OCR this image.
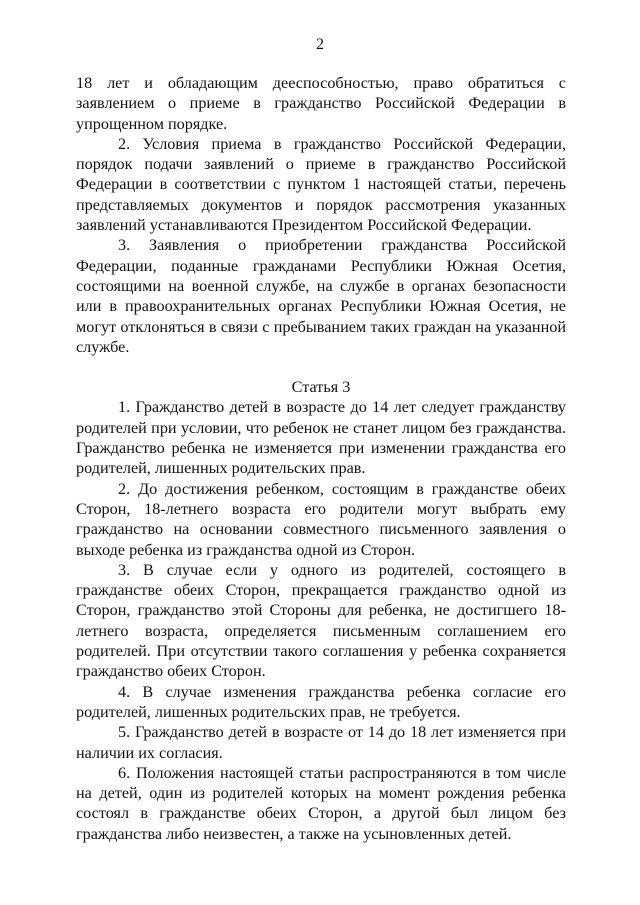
2

18 лет и обладающим дееспособностью, право обратиться с заявлением о приеме в гражданство Российской Федерации в упрощенном порядке.

2. Условия приема в гражданство Российской Федерации, порядок подачи заявлений о приеме в гражданство Российской Федерации в соответствии с пунктом 1 настоящей статьи, перечень представляемых документов и порядок рассмотрения указанных заявлений устанавливаются Президентом Российской Федерации.

3. Заявления о приобретении гражданства Российской Федерации, поданные гражданами Республики Южная Осетия, состоящими на военной службе, на службе в органах безопасности или в правоохранительных органах Республики Южная Осетия, не могут отклоняться в связи с пребыванием таких граждан на указанной службе.

Статья 3

1. Гражданство детей в возрасте до 14 лет следует гражданству родителей при условии, что ребенок не станет лицом без гражданства. Гражданство ребенка не изменяется при изменении гражданства его родителей, лишенных родительских прав.

2. До достижения ребенком, состоящим в гражданстве обеих Сторон, 18-летнего возраста его родители могут выбрать ему гражданство на основании совместного письменного заявления о выходе ребенка из гражданства одной из Сторон.

3. В случае если у одного из родителей, состоящего в гражданстве обеих Сторон, прекращается гражданство одной из Сторон, гражданство этой Стороны для ребенка, не достигшего 18-летнего возраста, определяется письменным соглашением его родителей. При отсутствии такого соглашения у ребенка сохраняется гражданство обеих Сторон.

4. В случае изменения гражданства ребенка согласие его родителей, лишенных родительских прав, не требуется.

5. Гражданство детей в возрасте от 14 до 18 лет изменяется при наличии их согласия.

6. Положения настоящей статьи распространяются в том числе на детей, один из родителей которых на момент рождения ребенка состоял в гражданстве обеих Сторон, а другой был лицом без гражданства либо неизвестен, а также на усыновленных детей.
